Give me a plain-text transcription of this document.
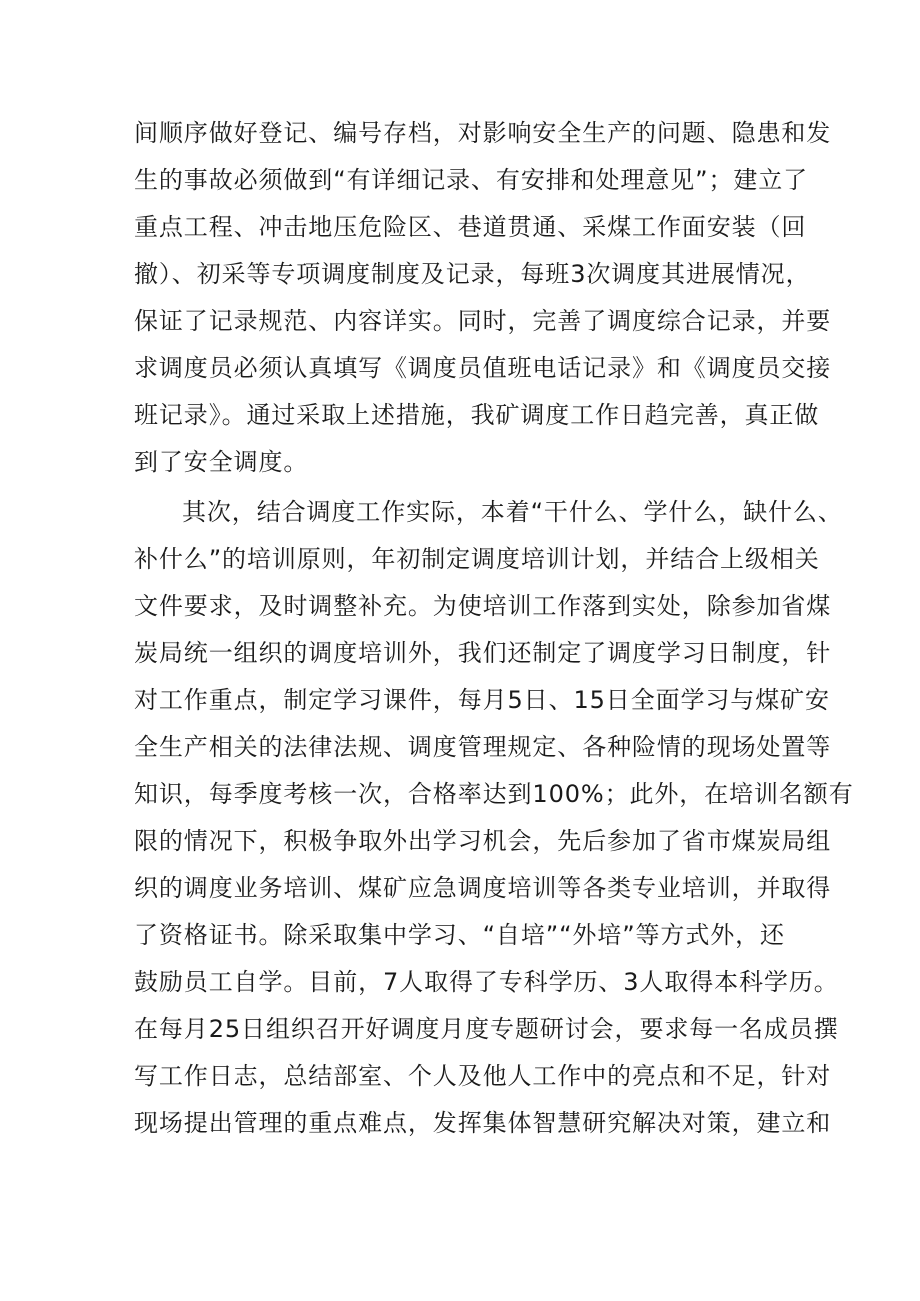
间顺序做好登记、编号存档，对影响安全生产的问题、隐患和发

生的事故必须做到“有详细记录、有安排和处理意见”；建立了

重点工程、冲击地压危险区、巷道贯通、采煤工作面安装（回

撤）、初采等专项调度制度及记录，每班3次调度其进展情况，

保证了记录规范、内容详实。同时，完善了调度综合记录，并要

求调度员必须认真填写《调度员值班电话记录》和《调度员交接

班记录》。通过采取上述措施，我矿调度工作日趋完善，真正做

到了安全调度。

其次，结合调度工作实际，本着“干什么、学什么，缺什么、

补什么”的培训原则，年初制定调度培训计划，并结合上级相关

文件要求，及时调整补充。为使培训工作落到实处，除参加省煤

炭局统一组织的调度培训外，我们还制定了调度学习日制度，针

对工作重点，制定学习课件，每月5日、15日全面学习与煤矿安

全生产相关的法律法规、调度管理规定、各种险情的现场处置等

知识，每季度考核一次，合格率达到100%；此外，在培训名额有

限的情况下，积极争取外出学习机会，先后参加了省市煤炭局组

织的调度业务培训、煤矿应急调度培训等各类专业培训，并取得

了资格证书。除采取集中学习、“自培”“外培”等方式外，还

鼓励员工自学。目前，7人取得了专科学历、3人取得本科学历。

在每月25日组织召开好调度月度专题研讨会，要求每一名成员撰

写工作日志，总结部室、个人及他人工作中的亮点和不足，针对

现场提出管理的重点难点，发挥集体智慧研究解决对策，建立和
